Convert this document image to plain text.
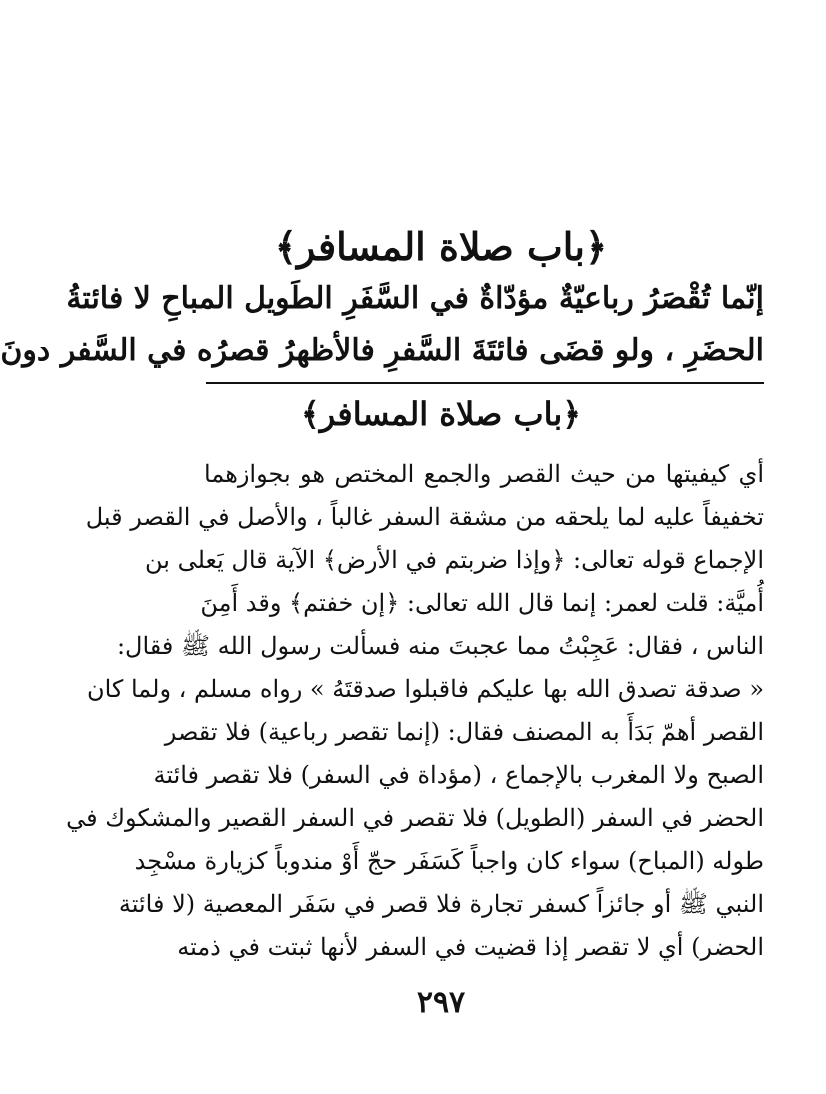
﴿باب صلاة المسافر﴾
إنّما تُقْصَرُ رباعيّةٌ مؤدّاةٌ في السَّفَرِ الطَويل المباحِ لا فائتةُ
الحضَرِ ، ولو قضَى فائتَةَ السَّفرِ فالأظهرُ قصرُه في السَّفر دونَ
﴿باب صلاة المسافر﴾
أي كيفيتها من حيث القصر والجمع المختص هو بجوازهما
تخفيفاً عليه لما يلحقه من مشقة السفر غالباً ، والأصل في القصر قبل
الإجماع قوله تعالى: ﴿وإذا ضربتم في الأرض﴾ الآية قال يَعلى بن
أُميَّة: قلت لعمر: إنما قال الله تعالى: ﴿إن خفتم﴾ وقد أَمِنَ
الناس ، فقال: عَجِبْتُ مما عجبتَ منه فسألت رسول الله ﷺ فقال:
« صدقة تصدق الله بها عليكم فاقبلوا صدقتَهُ » رواه مسلم ، ولما كان
القصر أهمّ بَدَأَ به المصنف فقال: (إنما تقصر رباعية) فلا تقصر
الصبح ولا المغرب بالإجماع ، (مؤداة في السفر) فلا تقصر فائتة
الحضر في السفر (الطويل) فلا تقصر في السفر القصير والمشكوك في
طوله (المباح) سواء كان واجباً كَسَفَر حجّ أَوْ مندوباً كزيارة مسْجِد
النبي ﷺ أو جائزاً كسفر تجارة فلا قصر في سَفَر المعصية (لا فائتة
الحضر) أي لا تقصر إذا قضيت في السفر لأنها ثبتت في ذمته
٢٩٧
